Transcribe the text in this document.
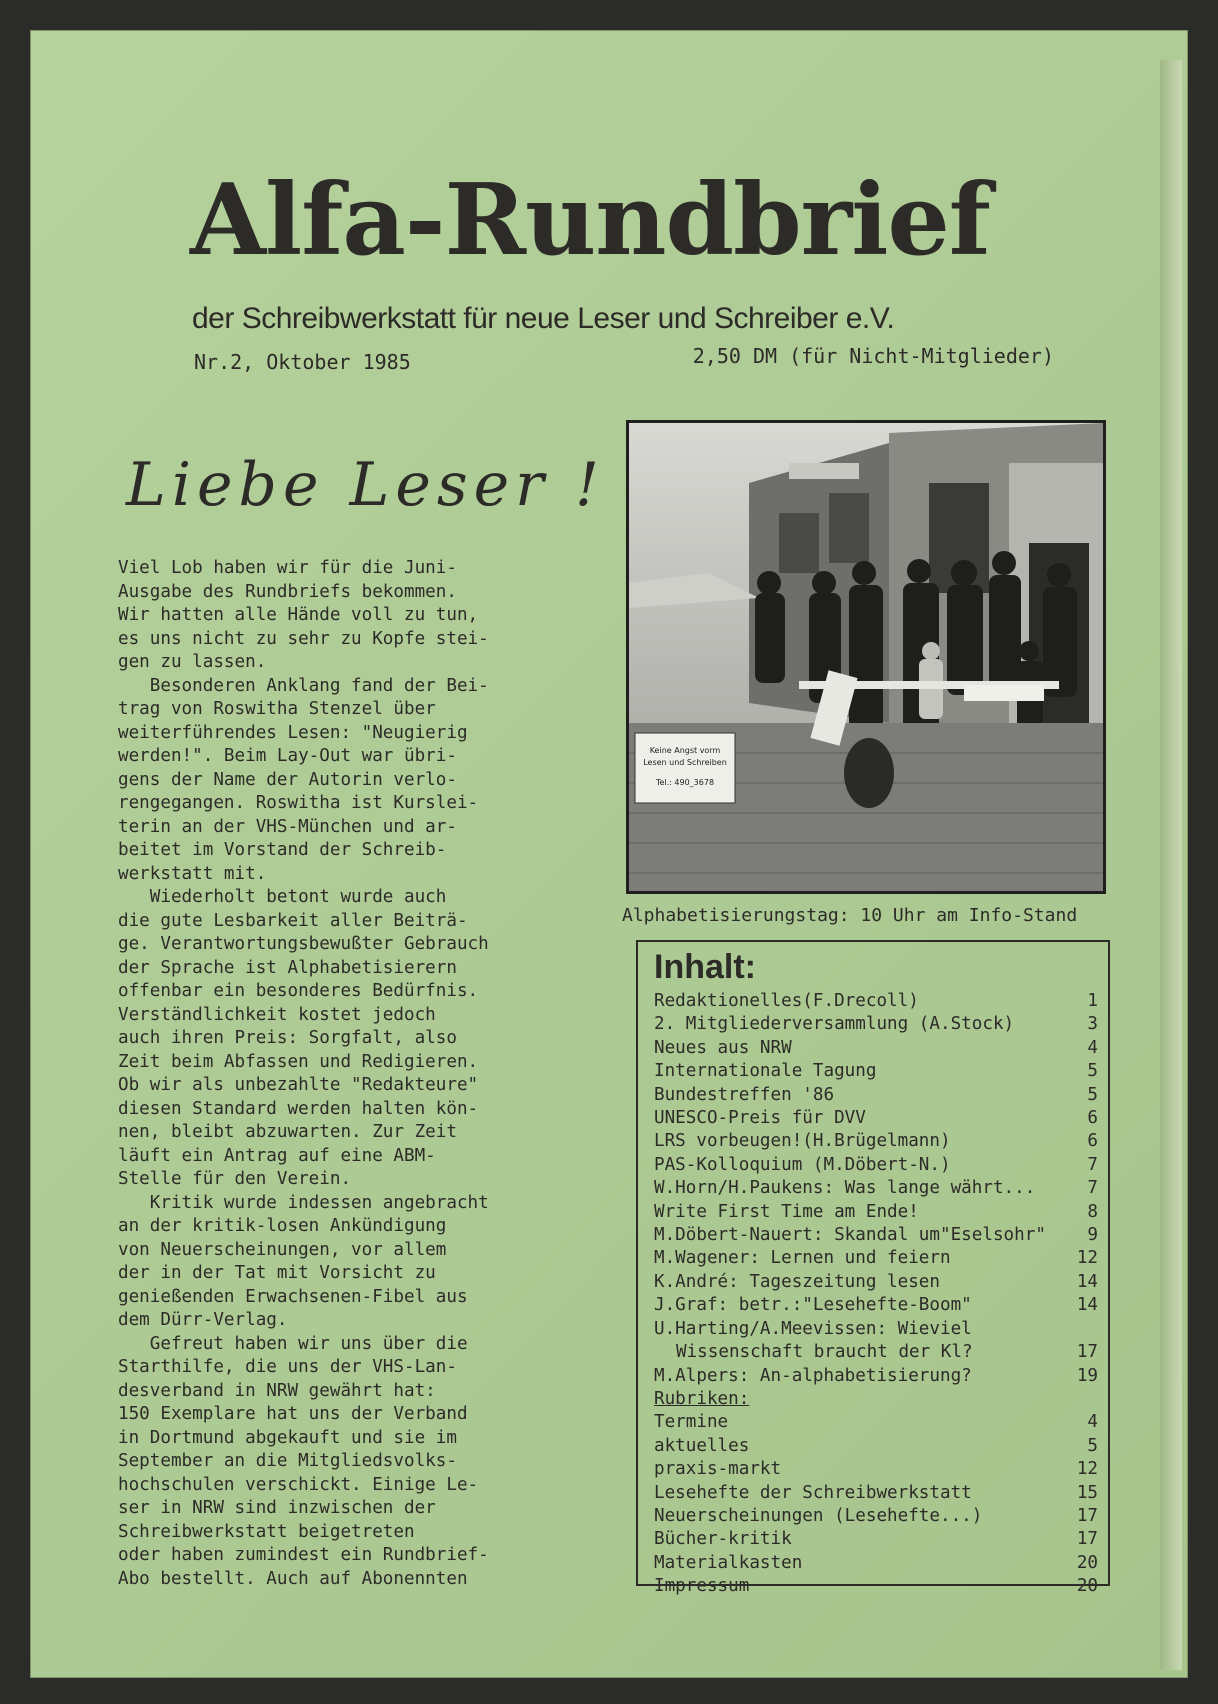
Alfa-Rundbrief
der Schreibwerkstatt für neue Leser und Schreiber e.V.
Nr.2, Oktober 1985	2,50 DM (für Nicht-Mitglieder)
Liebe Leser !

Viel Lob haben wir für die Juni-

Ausgabe des Rundbriefs bekommen.

Wir hatten alle Hände voll zu tun,

es uns nicht zu sehr zu Kopfe stei-

gen zu lassen.

Besonderen Anklang fand der Bei-

trag von Roswitha Stenzel über

weiterführendes Lesen: "Neugierig

werden!". Beim Lay-Out war übri-

gens der Name der Autorin verlo-

rengegangen. Roswitha ist Kurslei-

terin an der VHS-München und ar-

beitet im Vorstand der Schreib-

werkstatt mit.

Wiederholt betont wurde auch

die gute Lesbarkeit aller Beiträ-

ge. Verantwortungsbewußter Gebrauch

der Sprache ist Alphabetisierern

offenbar ein besonderes Bedürfnis.

Verständlichkeit kostet jedoch

auch ihren Preis: Sorgfalt, also

Zeit beim Abfassen und Redigieren.

Ob wir als unbezahlte "Redakteure"

diesen Standard werden halten kön-

nen, bleibt abzuwarten. Zur Zeit

läuft ein Antrag auf eine ABM-

Stelle für den Verein.

Kritik wurde indessen angebracht

an der kritik-losen Ankündigung

von Neuerscheinungen, vor allem

der in der Tat mit Vorsicht zu

genießenden Erwachsenen-Fibel aus

dem Dürr-Verlag.

Gefreut haben wir uns über die

Starthilfe, die uns der VHS-Lan-

desverband in NRW gewährt hat:

150 Exemplare hat uns der Verband

in Dortmund abgekauft und sie im

September an die Mitgliedsvolks-

hochschulen verschickt. Einige Le-

ser in NRW sind inzwischen der

Schreibwerkstatt beigetreten

oder haben zumindest ein Rundbrief-

Abo bestellt. Auch auf Abonennten

Keine Angst vorm
Lesen und Schreiben
Tel.: 490_3678
Alphabetisierungstag: 10 Uhr am Info-Stand
Inhalt:
Redaktionelles(F.Drecoll)	1
2. Mitgliederversammlung (A.Stock)	3
Neues aus NRW	4
Internationale Tagung	5
Bundestreffen '86	5
UNESCO-Preis für DVV	6
LRS vorbeugen!(H.Brügelmann)	6
PAS-Kolloquium (M.Döbert-N.)	7
W.Horn/H.Paukens: Was lange währt...	7
Write First Time am Ende!	8
M.Döbert-Nauert: Skandal um"Eselsohr"	9
M.Wagener: Lernen und feiern	12
K.André: Tageszeitung lesen	14
J.Graf: betr.:"Lesehefte-Boom"	14
U.Harting/A.Meevissen: Wieviel
Wissenschaft braucht der Kl?	17
M.Alpers: An-alphabetisierung?	19
Rubriken:
Termine	4
aktuelles	5
praxis-markt	12
Lesehefte der Schreibwerkstatt	15
Neuerscheinungen (Lesehefte...)	17
Bücher-kritik	17
Materialkasten	20
Impressum	20
